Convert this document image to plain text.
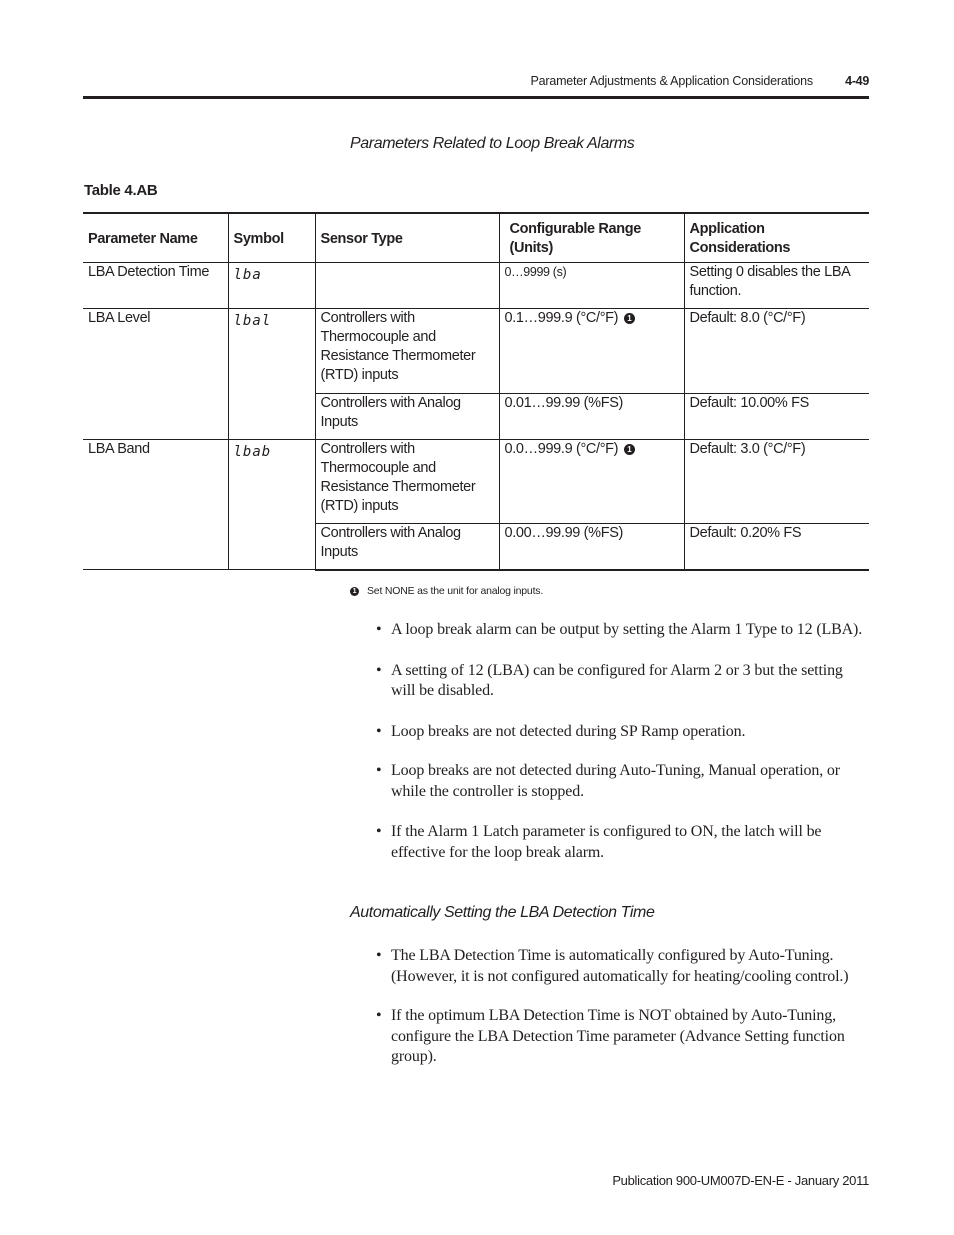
Parameter Adjustments & Application Considerations	4-49
Parameters Related to Loop Break Alarms
Table 4.AB
Parameter Name	Symbol	Sensor Type	Configurable Range (Units)	Application Considerations
LBA Detection Time	lba		0…9999 (s)	Setting 0 disables the LBA function.
LBA Level	lbal	Controllers with Thermocouple and Resistance Thermometer (RTD) inputs	0.1…999.9 (°C/°F) 1	Default: 8.0 (°C/°F)
		Controllers with Analog Inputs	0.01…99.99 (%FS)	Default: 10.00% FS
LBA Band	lbab	Controllers with Thermocouple and Resistance Thermometer (RTD) inputs	0.0…999.9 (°C/°F) 1	Default: 3.0 (°C/°F)
		Controllers with Analog Inputs	0.00…99.99 (%FS)	Default: 0.20% FS
1 Set NONE as the unit for analog inputs.
• A loop break alarm can be output by setting the Alarm 1 Type to 12 (LBA).
• A setting of 12 (LBA) can be configured for Alarm 2 or 3 but the setting will be disabled.
• Loop breaks are not detected during SP Ramp operation.
• Loop breaks are not detected during Auto-Tuning, Manual operation, or while the controller is stopped.
• If the Alarm 1 Latch parameter is configured to ON, the latch will be effective for the loop break alarm.
Automatically Setting the LBA Detection Time
• The LBA Detection Time is automatically configured by Auto-Tuning. (However, it is not configured automatically for heating/cooling control.)
• If the optimum LBA Detection Time is NOT obtained by Auto-Tuning, configure the LBA Detection Time parameter (Advance Setting function group).
Publication 900-UM007D-EN-E - January 2011
